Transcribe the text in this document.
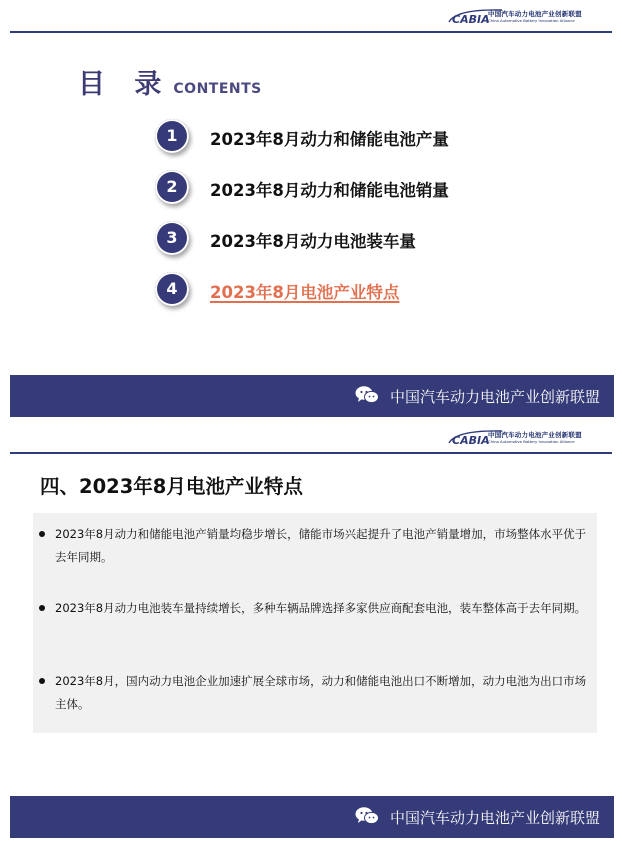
CABIA
中国汽车动力电池产业创新联盟
China Automotive Battery Innovation Alliance
目 录 CONTENTS
1	2023年8月动力和储能电池产量
2	2023年8月动力和储能电池销量
3	2023年8月动力电池装车量
4	2023年8月电池产业特点
中国汽车动力电池产业创新联盟
CABIA
中国汽车动力电池产业创新联盟
China Automotive Battery Innovation Alliance
四、2023年8月电池产业特点
2023年8月动力和储能电池产销量均稳步增长，储能市场兴起提升了电池产销量增加，市场整体水平优于去年同期。
2023年8月动力电池装车量持续增长，多种车辆品牌选择多家供应商配套电池，装车整体高于去年同期。
2023年8月，国内动力电池企业加速扩展全球市场，动力和储能电池出口不断增加，动力电池为出口市场主体。
中国汽车动力电池产业创新联盟
